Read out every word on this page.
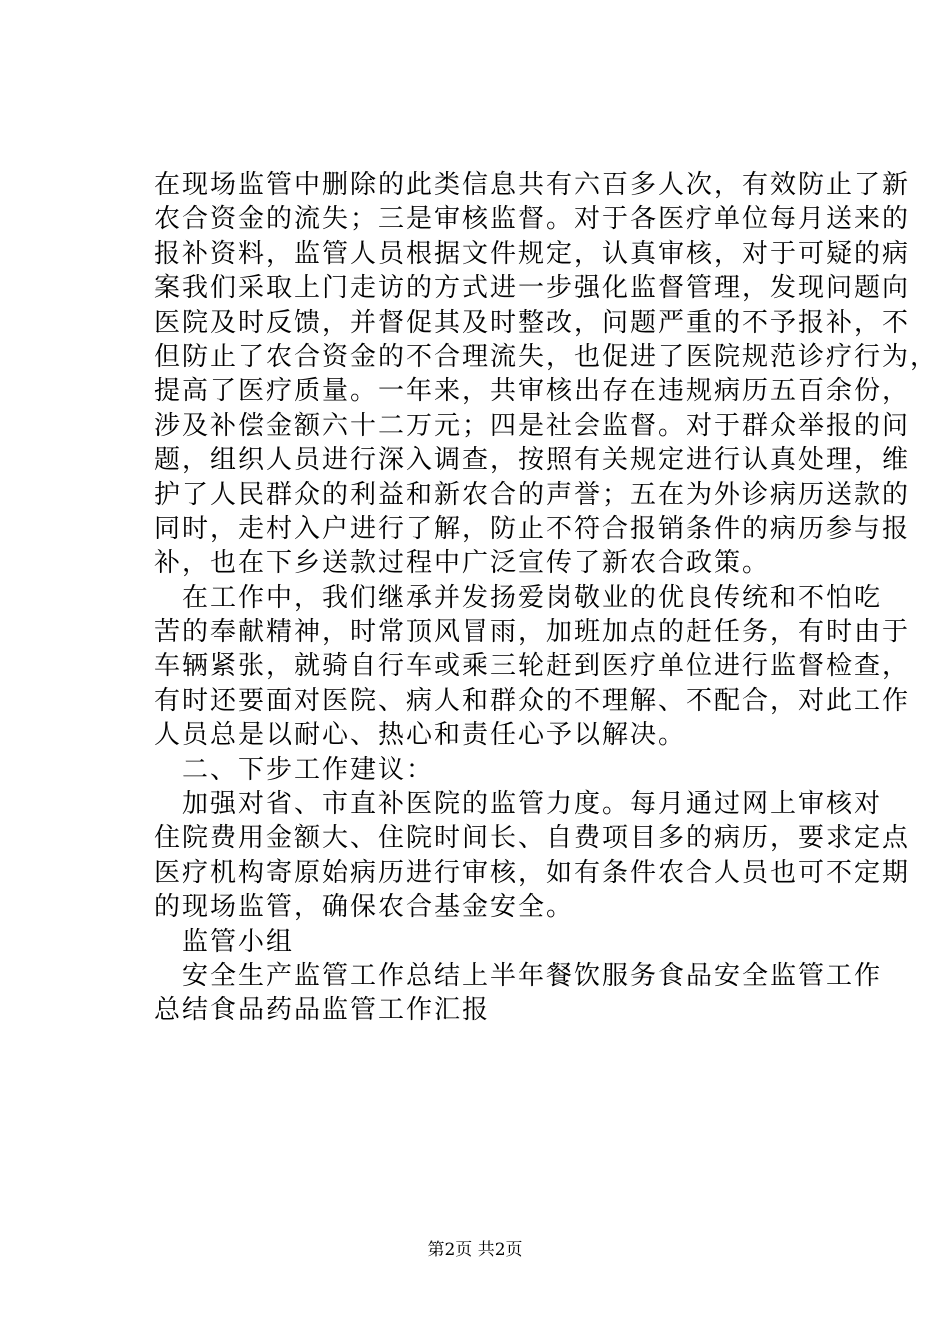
在现场监管中删除的此类信息共有六百多人次，有效防止了新
农合资金的流失；三是审核监督。对于各医疗单位每月送来的
报补资料，监管人员根据文件规定，认真审核，对于可疑的病
案我们采取上门走访的方式进一步强化监督管理，发现问题向
医院及时反馈，并督促其及时整改，问题严重的不予报补，不
但防止了农合资金的不合理流失，也促进了医院规范诊疗行为，
提高了医疗质量。一年来，共审核出存在违规病历五百余份，
涉及补偿金额六十二万元；四是社会监督。对于群众举报的问
题，组织人员进行深入调查，按照有关规定进行认真处理，维
护了人民群众的利益和新农合的声誉；五在为外诊病历送款的
同时，走村入户进行了解，防止不符合报销条件的病历参与报
补，也在下乡送款过程中广泛宣传了新农合政策。
在工作中，我们继承并发扬爱岗敬业的优良传统和不怕吃
苦的奉献精神，时常顶风冒雨，加班加点的赶任务，有时由于
车辆紧张，就骑自行车或乘三轮赶到医疗单位进行监督检查，
有时还要面对医院、病人和群众的不理解、不配合，对此工作
人员总是以耐心、热心和责任心予以解决。
二、下步工作建议：
加强对省、市直补医院的监管力度。每月通过网上审核对
住院费用金额大、住院时间长、自费项目多的病历，要求定点
医疗机构寄原始病历进行审核，如有条件农合人员也可不定期
的现场监管，确保农合基金安全。
监管小组
安全生产监管工作总结上半年餐饮服务食品安全监管工作
总结食品药品监管工作汇报
第2页 共2页
